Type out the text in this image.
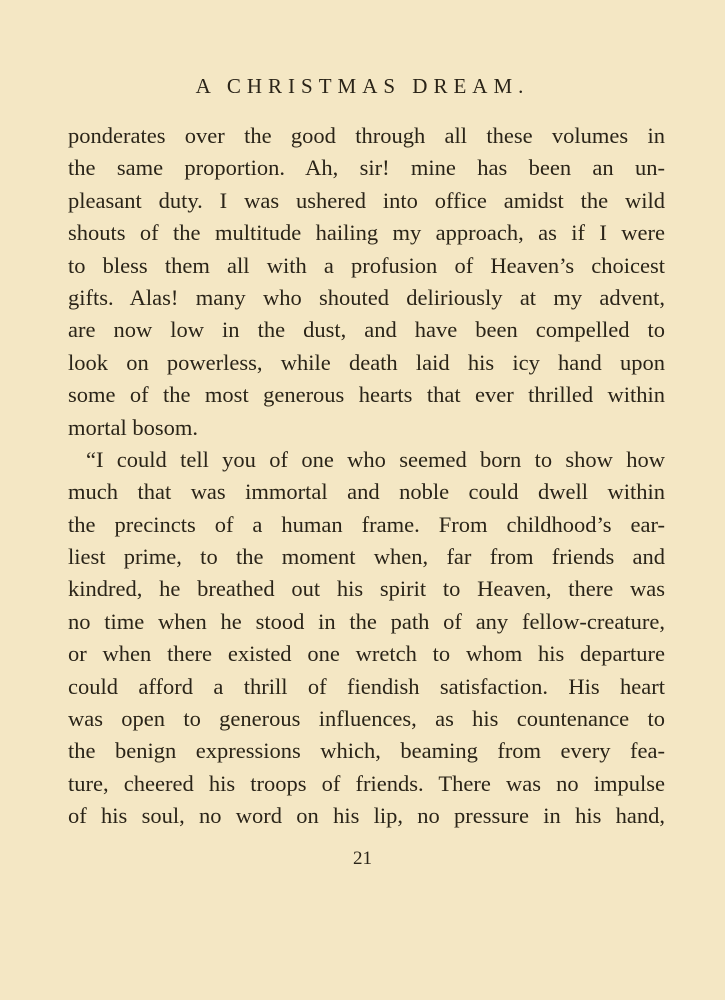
A CHRISTMAS DREAM.
ponderates over the good through all these volumes in
the same proportion. Ah, sir! mine has been an un-
pleasant duty. I was ushered into office amidst the wild
shouts of the multitude hailing my approach, as if I were
to bless them all with a profusion of Heaven’s choicest
gifts. Alas! many who shouted deliriously at my advent,
are now low in the dust, and have been compelled to
look on powerless, while death laid his icy hand upon
some of the most generous hearts that ever thrilled within
mortal bosom.
“I could tell you of one who seemed born to show how
much that was immortal and noble could dwell within
the precincts of a human frame. From childhood’s ear-
liest prime, to the moment when, far from friends and
kindred, he breathed out his spirit to Heaven, there was
no time when he stood in the path of any fellow-creature,
or when there existed one wretch to whom his departure
could afford a thrill of fiendish satisfaction. His heart
was open to generous influences, as his countenance to
the benign expressions which, beaming from every fea-
ture, cheered his troops of friends. There was no impulse
of his soul, no word on his lip, no pressure in his hand,
21
